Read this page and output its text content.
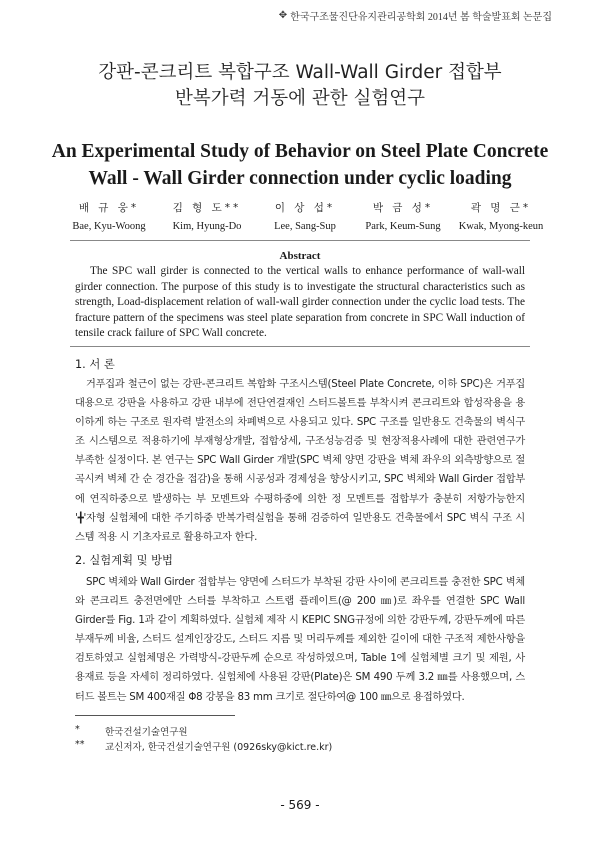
✥ 한국구조물진단유지관리공학회 2014년 봄 학술발표회 논문집
강판-콘크리트 복합구조 Wall-Wall Girder 접합부
반복가력 거동에 관한 실험연구
An Experimental Study of Behavior on Steel Plate Concrete
Wall - Wall Girder connection under cyclic loading
배 규 웅*
Bae, Kyu-Woong
김 형 도**
Kim, Hyung-Do
이 상 섭*
Lee, Sang-Sup
박 금 성*
Park, Keum-Sung
곽 명 근*
Kwak, Myong-keun
Abstract

The SPC wall girder is connected to the vertical walls to enhance performance of wall-wall girder connection. The purpose of this study is to investigate the structural characteristics such as strength, Load-displacement relation of wall-wall girder connection under the cyclic load tests. The fracture pattern of the specimens was steel plate separation from concrete in SPC Wall induction of tensile crack failure of SPC Wall concrete.

1. 서 론

거푸집과 철근이 없는 강판-콘크리트 복합화 구조시스템(Steel Plate Concrete, 이하 SPC)은 거푸집 대용으로 강판을 사용하고 강판 내부에 전단연결재인 스터드볼트를 부착시켜 콘크리트와 합성작용을 용이하게 하는 구조로 원자력 발전소의 차폐벽으로 사용되고 있다. SPC 구조를 일반용도 건축물의 벽식구조 시스템으로 적용하기에 부재형상개발, 접합상세, 구조성능검증 및 현장적용사례에 대한 관련연구가 부족한 실정이다. 본 연구는 SPC Wall Girder 개발(SPC 벽체 양면 강판을 벽체 좌우의 외측방향으로 절곡시켜 벽체 간 순 경간을 접감)을 통해 시공성과 경제성을 향상시키고, SPC 벽체와 Wall Girder 접합부에 연직하중으로 발생하는 부 모멘트와 수평하중에 의한 정 모멘트를 접합부가 충분히 저항가능한지 '╋'자형 실험체에 대한 주기하중 반복가력실험을 통해 검증하여 일반용도 건축물에서 SPC 벽식 구조 시스템 적용 시 기초자료로 활용하고자 한다.

2. 실험계획 및 방법

SPC 벽체와 Wall Girder 접합부는 양면에 스터드가 부착된 강판 사이에 콘크리트를 충전한 SPC 벽체와 콘크리트 충전면에만 스터를 부착하고 스트랩 플레이트(@ 200 ㎜)로 좌우를 연결한 SPC Wall Girder를 Fig. 1과 같이 계획하였다. 실험체 제작 시 KEPIC SNG규정에 의한 강판두께, 강판두께에 따른 부재두께 비율, 스터드 설계인장강도, 스터드 지름 및 머리두께를 제외한 길이에 대한 구조적 제한사항을 검토하였고 실험체명은 가력방식-강판두께 순으로 작성하였으며, Table 1에 실험체별 크기 및 제원, 사용재료 등을 자세히 정리하였다. 실험체에 사용된 강판(Plate)은 SM 490 두께 3.2 ㎜를 사용했으며, 스터드 볼트는 SM 400재질 Φ8 강봉을 83 mm 크기로 절단하여@ 100 ㎜으로 용접하였다.

*	한국건설기술연구원
**	교신저자, 한국건설기술연구원 (0926sky@kict.re.kr)
- 569 -
